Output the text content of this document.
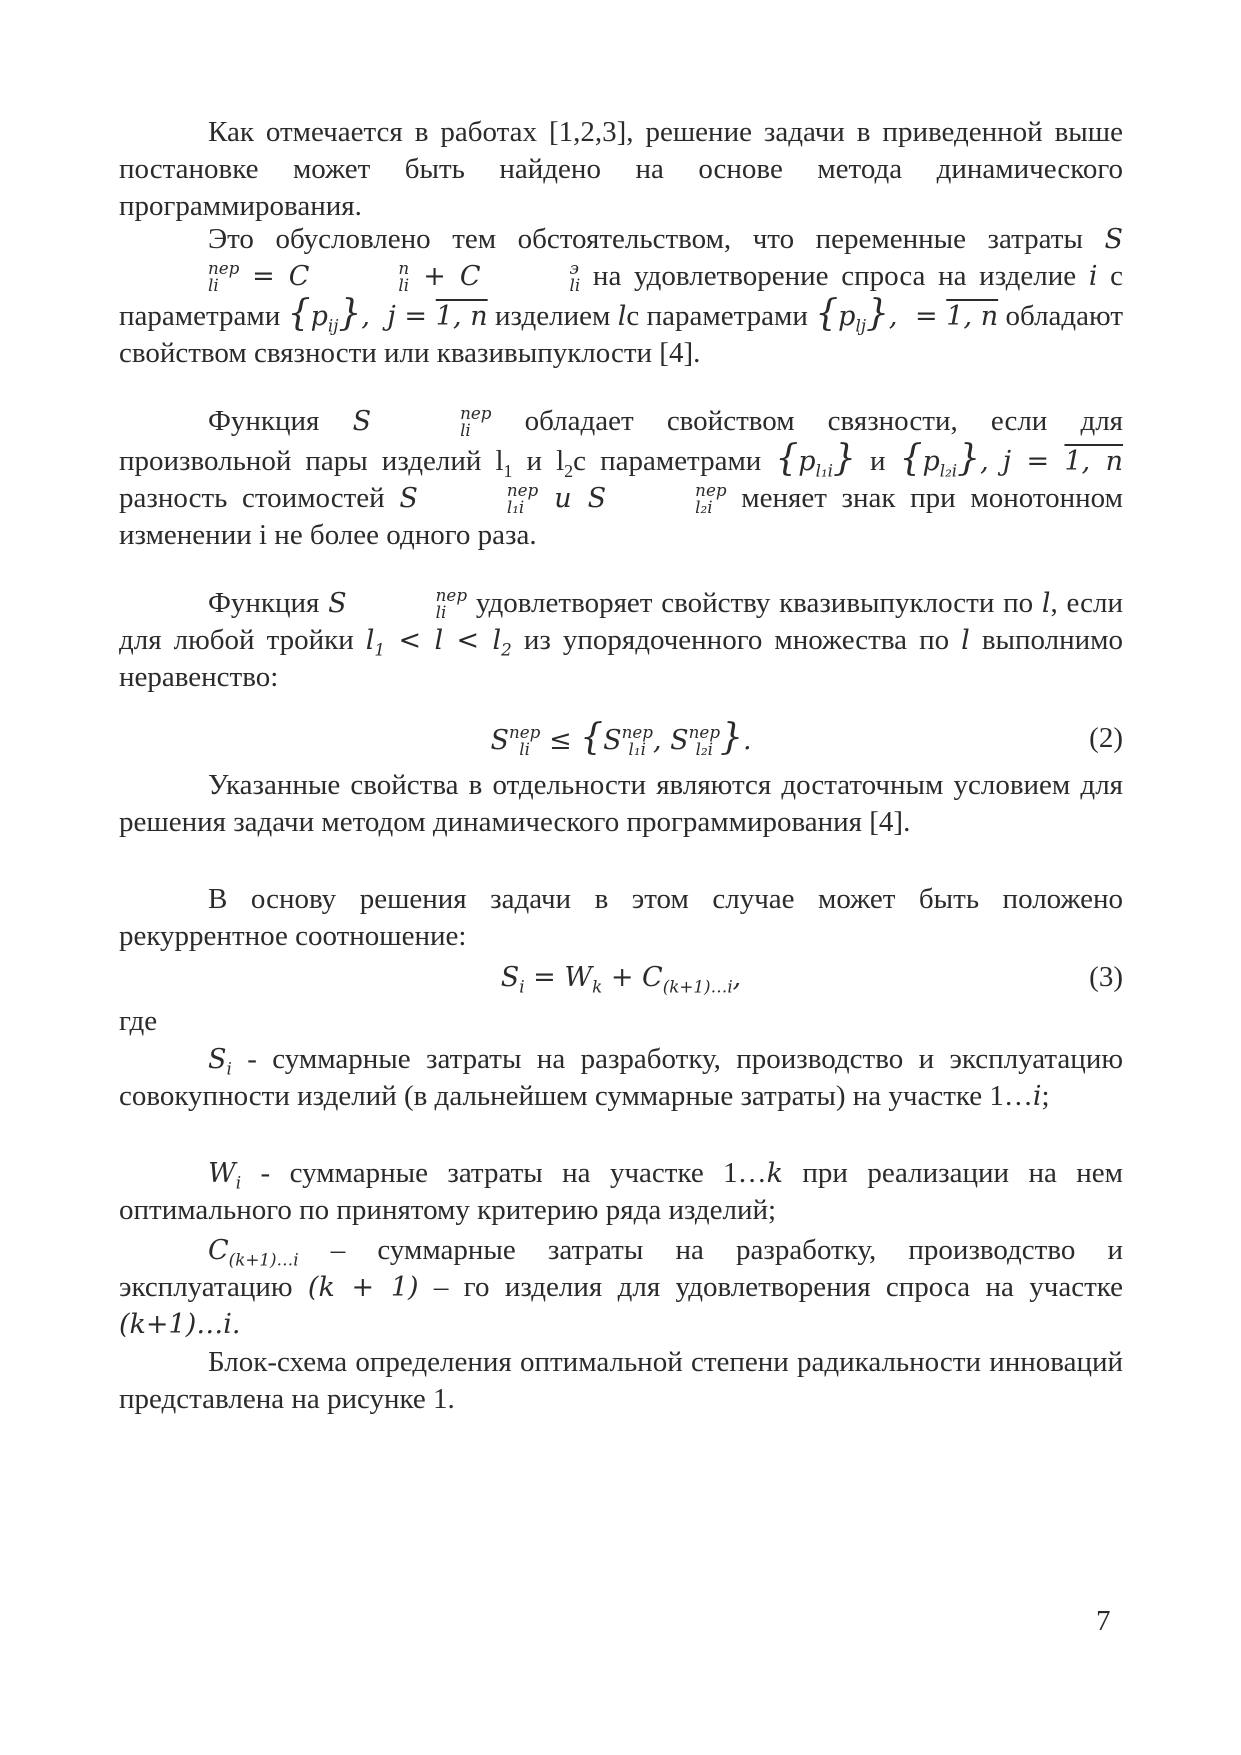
Как отмечается в работах [1,2,3], решение задачи в приведенной выше постановке может быть найдено на основе метода динамического программирования.

Это обусловлено тем обстоятельством, что переменные затраты S
пер
li	= C	п
li + C	э
li на удовлетворение спроса на изделие i с параметрами $\{p_{ij}\}$,  j = 1, n изделием lс параметрами $\{p_{lj}\}$,  = 1, n обладают свойством связности или квазивыпуклости [4].

Функция S	пер
li	обладает свойством связности, если для произвольной пары изделий $l_1$ и $l_2с$ параметрами $\{p_{l_1i}\}$ и $\{p_{l_2i}\}$, j = 1, n разность стоимостей S	пер
l₁i и S	пер
l₂i меняет знак при монотонном изменении i не более одного раза.

Функция S	пер
li	удовлетворяет свойству квазивыпуклости по l, если для любой тройки $l_1 < l < l_2$ из упорядоченного множества по l выполнимо неравенство:

S пер
li ≤ {S пер
l₁i , S пер
l₂i }.	(2)

Указанные свойства в отдельности являются достаточным условием для решения задачи методом динамического программирования [4].

В основу решения задачи в этом случае может быть положено рекуррентное соотношение:

$S_i = W_k + C_{(k+1)\dots i}$,	(3)

где

$S_i$ - суммарные затраты на разработку, производство и эксплуатацию совокупности изделий (в дальнейшем суммарные затраты) на участке 1…i;

$W_i$ - суммарные затраты на участке 1…k при реализации на нем оптимального по принятому критерию ряда изделий;

$C_{(k+1)\dots i}$ – суммарные затраты на разработку, производство и эксплуатацию (k + 1) – го изделия для удовлетворения спроса на участке (k+1)…i.

Блок-схема определения оптимальной степени радикальности инноваций представлена на рисунке 1.

7
